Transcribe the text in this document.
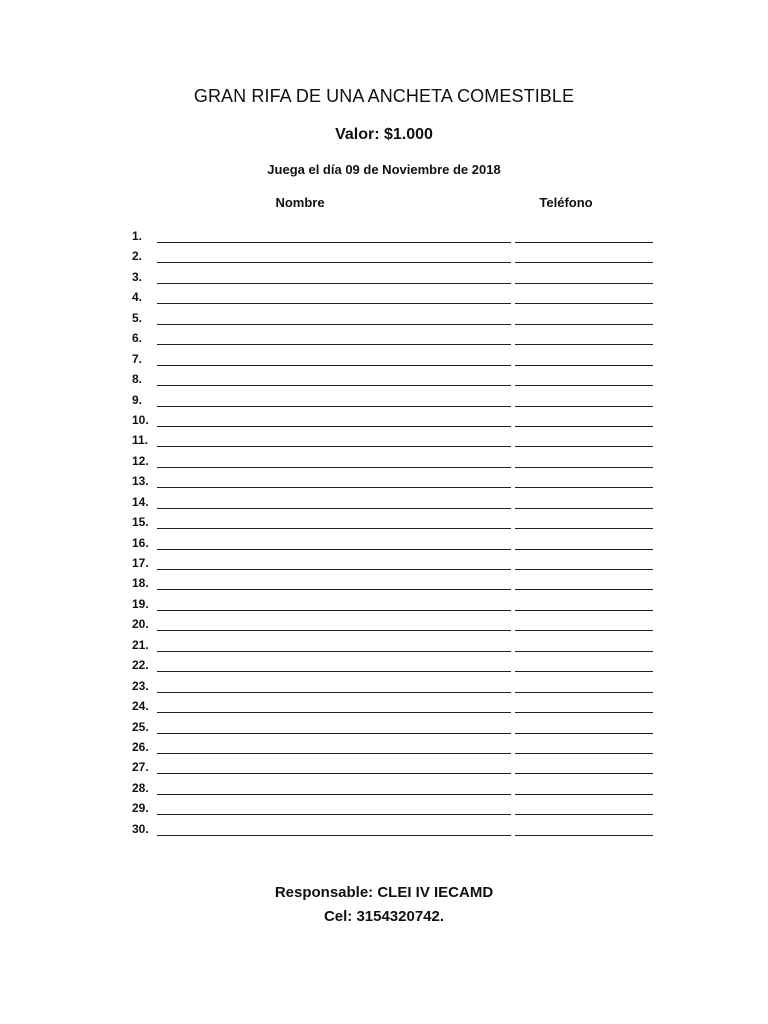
GRAN RIFA DE UNA ANCHETA COMESTIBLE
Valor: $1.000
Juega el día 09 de Noviembre de 2018
Nombre	Teléfono
1.
2.
3.
4.
5.
6.
7.
8.
9.
10.
11.
12.
13.
14.
15.
16.
17.
18.
19.
20.
21.
22.
23.
24.
25.
26.
27.
28.
29.
30.
Responsable: CLEI IV IECAMD
Cel: 3154320742.
